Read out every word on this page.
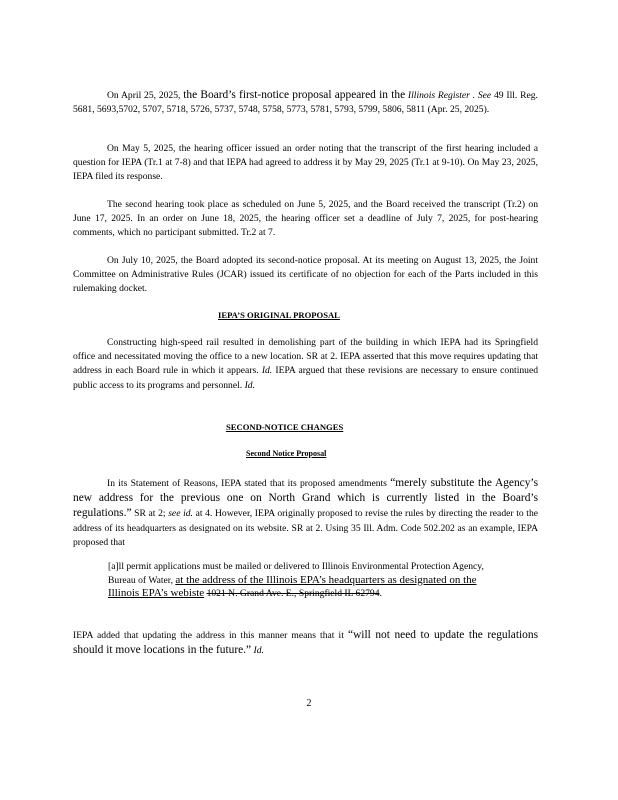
On April 25, 2025, the Board’s first-notice proposal appeared in the Illinois Register . See 49 Ill. Reg. 5681, 5693,5702, 5707, 5718, 5726, 5737, 5748, 5758, 5773, 5781, 5793, 5799, 5806, 5811 (Apr. 25, 2025).

On May 5, 2025, the hearing officer issued an order noting that the transcript of the first hearing included a question for IEPA (Tr.1 at 7-8) and that IEPA had agreed to address it by May 29, 2025 (Tr.1 at 9-10). On May 23, 2025, IEPA filed its response.

The second hearing took place as scheduled on June 5, 2025, and the Board received the transcript (Tr.2) on June 17, 2025. In an order on June 18, 2025, the hearing officer set a deadline of July 7, 2025, for post-hearing comments, which no participant submitted. Tr.2 at 7.

On July 10, 2025, the Board adopted its second-notice proposal. At its meeting on August 13, 2025, the Joint Committee on Administrative Rules (JCAR) issued its certificate of no objection for each of the Parts included in this rulemaking docket.

IEPA’S ORIGINAL PROPOSAL

Constructing high-speed rail resulted in demolishing part of the building in which IEPA had its Springfield office and necessitated moving the office to a new location. SR at 2. IEPA asserted that this move requires updating that address in each Board rule in which it appears. Id. IEPA argued that these revisions are necessary to ensure continued public access to its programs and personnel. Id.

SECOND-NOTICE CHANGES

Second Notice Proposal

In its Statement of Reasons, IEPA stated that its proposed amendments “merely substitute the Agency’s new address for the previous one on North Grand which is currently listed in the Board’s regulations.” SR at 2; see id. at 4. However, IEPA originally proposed to revise the rules by directing the reader to the address of its headquarters as designated on its website. SR at 2. Using 35 Ill. Adm. Code 502.202 as an example, IEPA proposed that

[a]ll permit applications must be mailed or delivered to Illinois Environmental Protection Agency, Bureau of Water, at the address of the Illinois EPA’s headquarters as designated on the Illinois EPA’s webiste 1021 N. Grand Ave. E., Springfield IL 62794.

IEPA added that updating the address in this manner means that it “will not need to update the regulations should it move locations in the future.” Id.

2
